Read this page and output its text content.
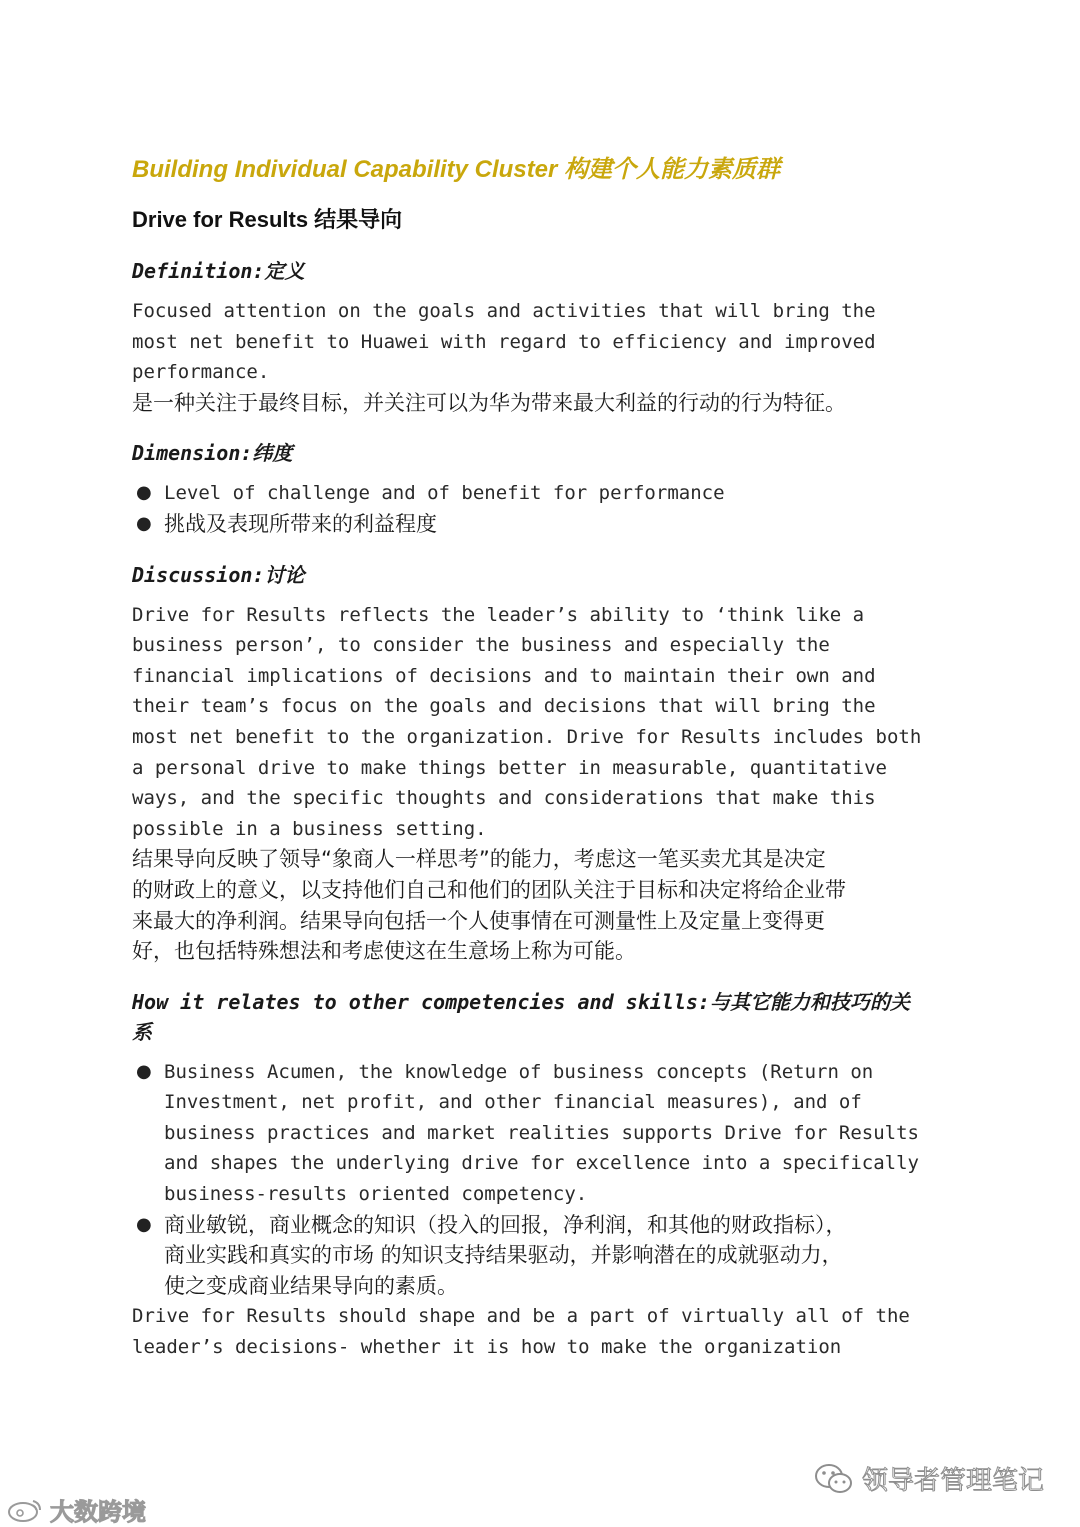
Building Individual Capability Cluster 构建个人能力素质群
Drive for Results 结果导向

Definition:定义

Focused attention on the goals and activities that will bring the
most net benefit to Huawei with regard to efficiency and improved
performance.

是一种关注于最终目标，并关注可以为华为带来最大利益的行动的行为特征。

Dimension:纬度

● Level of challenge and of benefit for performance
● 挑战及表现所带来的利益程度

Discussion:讨论

Drive for Results reflects the leader’s ability to ‘think like a
business person’, to consider the business and especially the
financial implications of decisions and to maintain their own and
their team’s focus on the goals and decisions that will bring the
most net benefit to the organization. Drive for Results includes both
a personal drive to make things better in measurable, quantitative
ways, and the specific thoughts and considerations that make this
possible in a business setting.

结果导向反映了领导“象商人一样思考”的能力，考虑这一笔买卖尤其是决定
的财政上的意义，以支持他们自己和他们的团队关注于目标和决定将给企业带
来最大的净利润。结果导向包括一个人使事情在可测量性上及定量上变得更
好，也包括特殊想法和考虑使这在生意场上称为可能。

How it relates to other competencies and skills:与其它能力和技巧的关
系

● Business Acumen, the knowledge of business concepts (Return on
Investment, net profit, and other financial measures), and of
business practices and market realities supports Drive for Results
and shapes the underlying drive for excellence into a specifically
business-results oriented competency.

● 商业敏锐，商业概念的知识（投入的回报，净利润，和其他的财政指标），
商业实践和真实的市场 的知识支持结果驱动，并影响潜在的成就驱动力，
使之变成商业结果导向的素质。

Drive for Results should shape and be a part of virtually all of the
leader’s decisions- whether it is how to make the organization

领导者管理笔记
大数跨境
